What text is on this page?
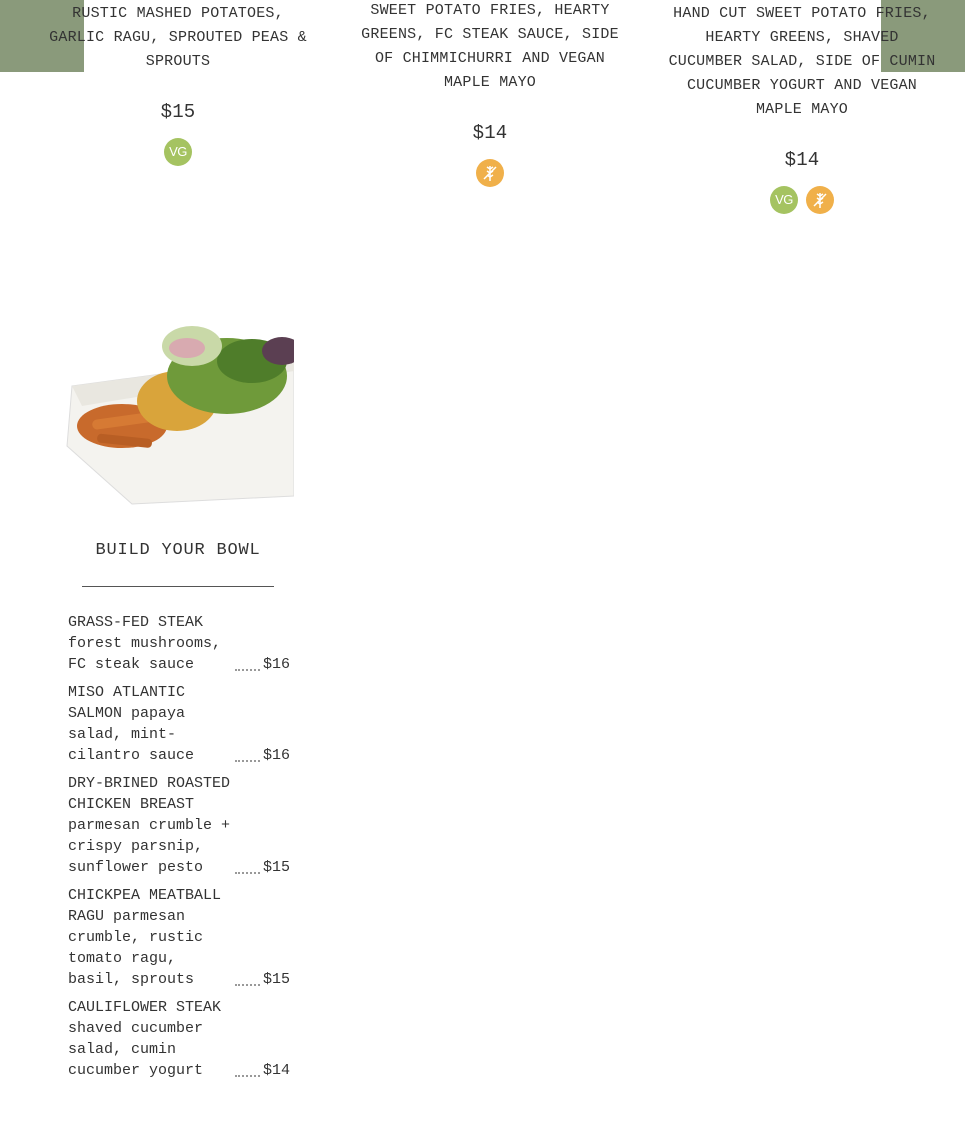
RUSTIC MASHED POTATOES, GARLIC RAGU, SPROUTED PEAS & SPROUTS

$15

VG

SWEET POTATO FRIES, HEARTY GREENS, FC STEAK SAUCE, SIDE OF CHIMMICHURRI AND VEGAN MAPLE MAYO

$14

HAND CUT SWEET POTATO FRIES, HEARTY GREENS, SHAVED CUCUMBER SALAD, SIDE OF CUMIN CUCUMBER YOGURT AND VEGAN MAPLE MAYO

$14

VG
BUILD YOUR BOWL
GRASS-FED STEAK forest mushrooms, FC steak sauce	$16
MISO ATLANTIC SALMON papaya salad, mint-cilantro sauce	$16
DRY-BRINED ROASTED CHICKEN BREAST parmesan crumble + crispy parsnip, sunflower pesto	$15
CHICKPEA MEATBALL RAGU parmesan crumble, rustic tomato ragu, basil, sprouts	$15
CAULIFLOWER STEAK shaved cucumber salad, cumin cucumber yogurt	$14
